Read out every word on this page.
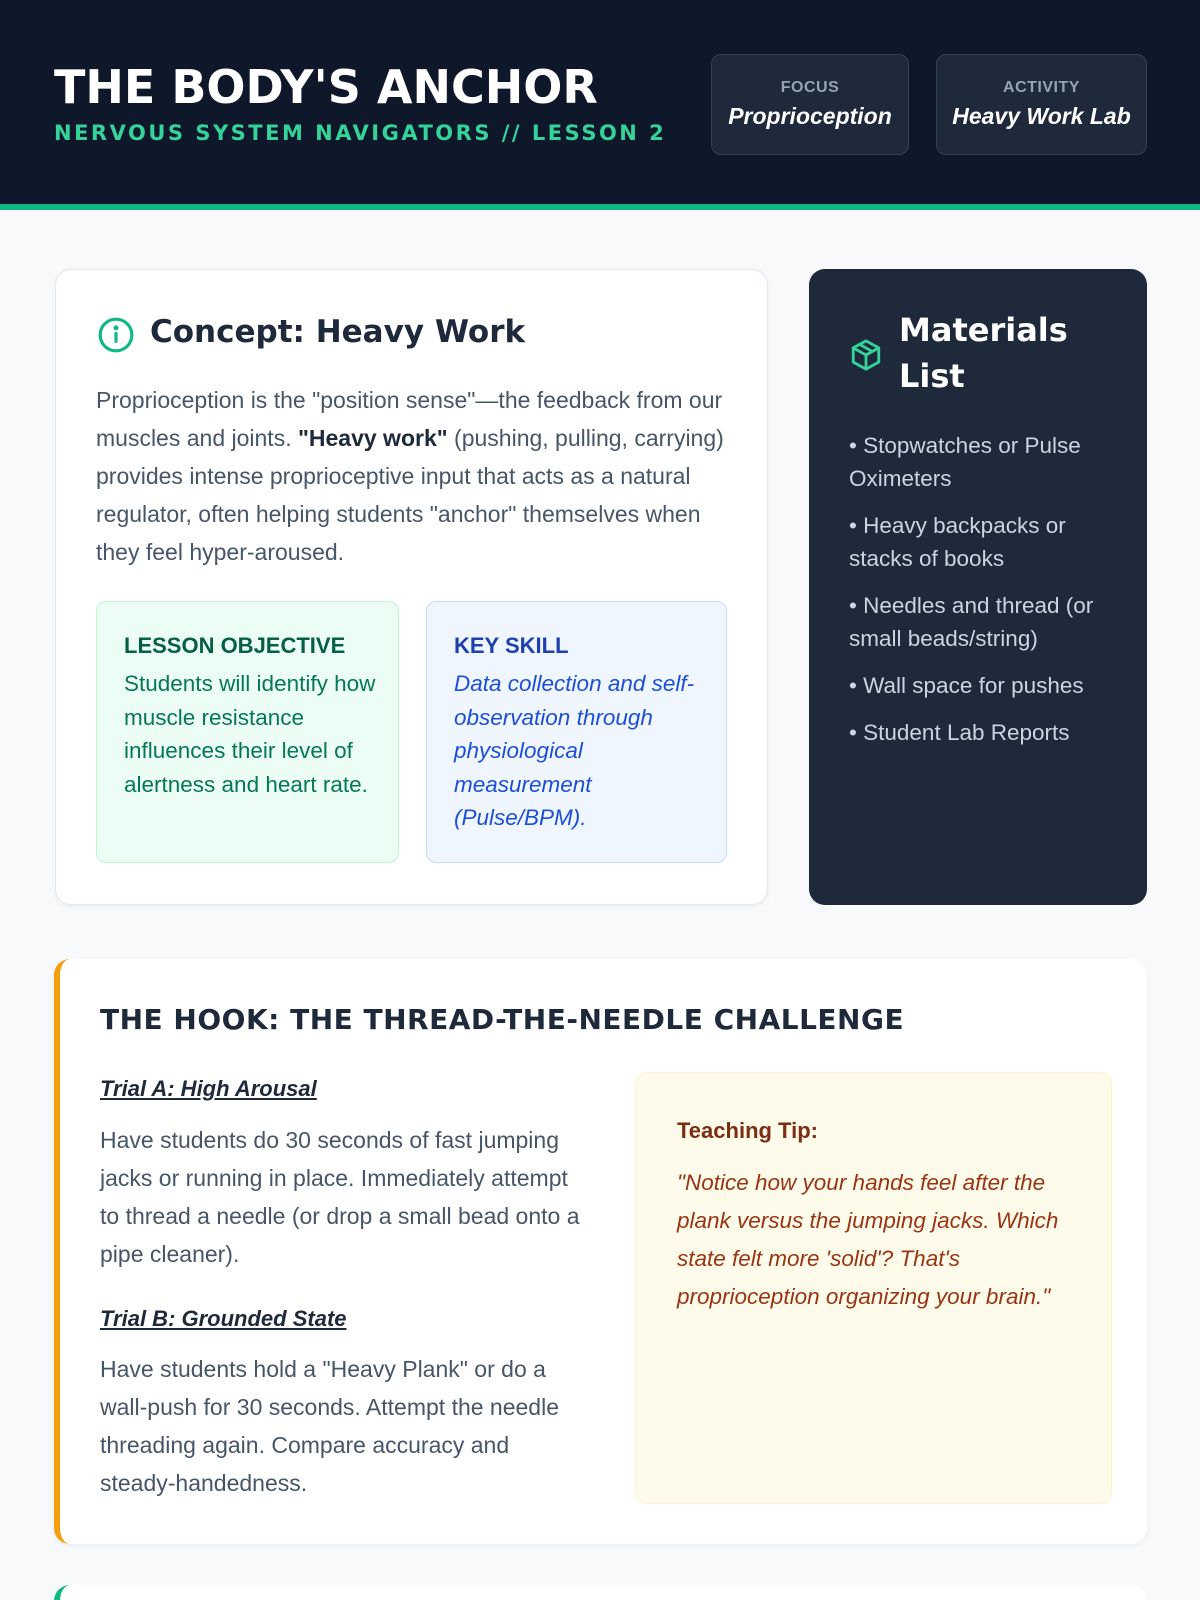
THE BODY'S ANCHOR
NERVOUS SYSTEM NAVIGATORS // LESSON 2
FOCUS
Proprioception
ACTIVITY
Heavy Work Lab
Concept: Heavy Work

Proprioception is the "position sense"—the feedback from our muscles and joints. "Heavy work" (pushing, pulling, carrying) provides intense proprioceptive input that acts as a natural regulator, often helping students "anchor" themselves when they feel hyper-aroused.

LESSON OBJECTIVE
Students will identify how muscle resistance influences their level of alertness and heart rate.
KEY SKILL
Data collection and self-observation through physiological measurement (Pulse/BPM).
Materials List
• Stopwatches or Pulse Oximeters
• Heavy backpacks or stacks of books
• Needles and thread (or small beads/string)
• Wall space for pushes
• Student Lab Reports
THE HOOK: THE THREAD-THE-NEEDLE CHALLENGE
Trial A: High Arousal
Have students do 30 seconds of fast jumping jacks or running in place. Immediately attempt to thread a needle (or drop a small bead onto a pipe cleaner).
Trial B: Grounded State
Have students hold a "Heavy Plank" or do a wall-push for 30 seconds. Attempt the needle threading again. Compare accuracy and steady-handedness.
Teaching Tip:
"Notice how your hands feel after the plank versus the jumping jacks. Which state felt more 'solid'? That's proprioception organizing your brain."
